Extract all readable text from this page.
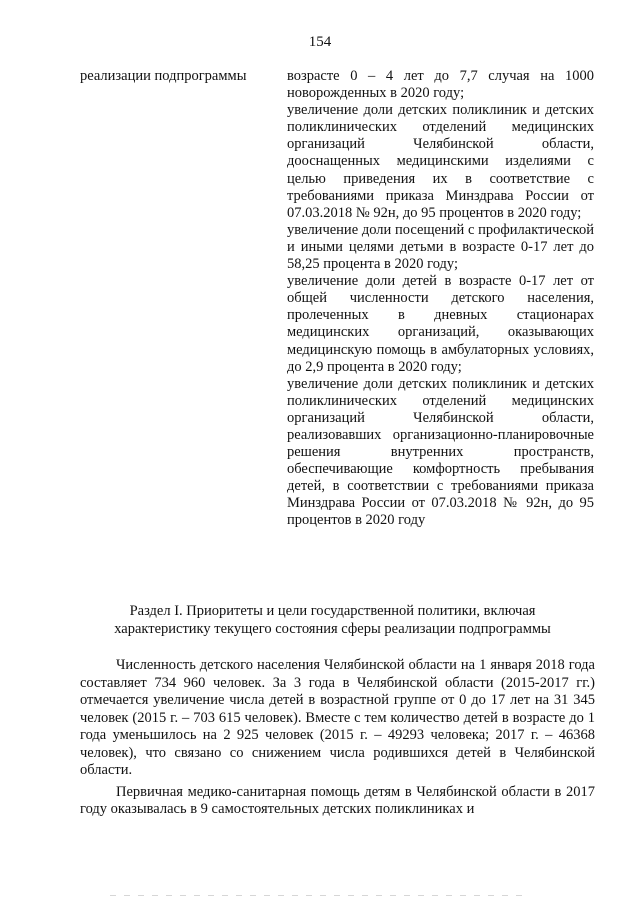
154
реализации подпрограммы	возрасте 0 – 4 лет до 7,7 случая на 1000 новорожденных в 2020 году;

увеличение доли детских поликлиник и детских поликлинических отделений медицинских организаций Челябинской области, дооснащенных медицинскими изделиями с целью приведения их в соответствие с требованиями приказа Минздрава России от 07.03.2018 № 92н, до 95 процентов в 2020 году;

увеличение доли посещений с профилактической и иными целями детьми в возрасте 0-17 лет до 58,25 процента в 2020 году;

увеличение доли детей в возрасте 0-17 лет от общей численности детского населения, пролеченных в дневных стационарах медицинских организаций, оказывающих медицинскую помощь в амбулаторных условиях, до 2,9 процента в 2020 году;

увеличение доли детских поликлиник и детских поликлинических отделений медицинских организаций Челябинской области, реализовавших организационно-планировочные решения внутренних пространств, обеспечивающие комфортность пребывания детей, в соответствии с требованиями приказа Минздрава России от 07.03.2018 № 92н, до 95 процентов в 2020 году

Раздел I. Приоритеты и цели государственной политики, включая

характеристику текущего состояния сферы реализации подпрограммы

Численность детского населения Челябинской области на 1 января 2018 года составляет 734 960 человек. За 3 года в Челябинской области (2015-2017 гг.) отмечается увеличение числа детей в возрастной группе от 0 до 17 лет на 31 345 человек (2015 г. – 703 615 человек). Вместе с тем количество детей в возрасте до 1 года уменьшилось на 2 925 человек (2015 г. – 49293 человека; 2017 г. – 46368 человек), что связано со снижением числа родившихся детей в Челябинской области.

Первичная медико-санитарная помощь детям в Челябинской области в 2017 году оказывалась в 9 самостоятельных детских поликлиниках и
